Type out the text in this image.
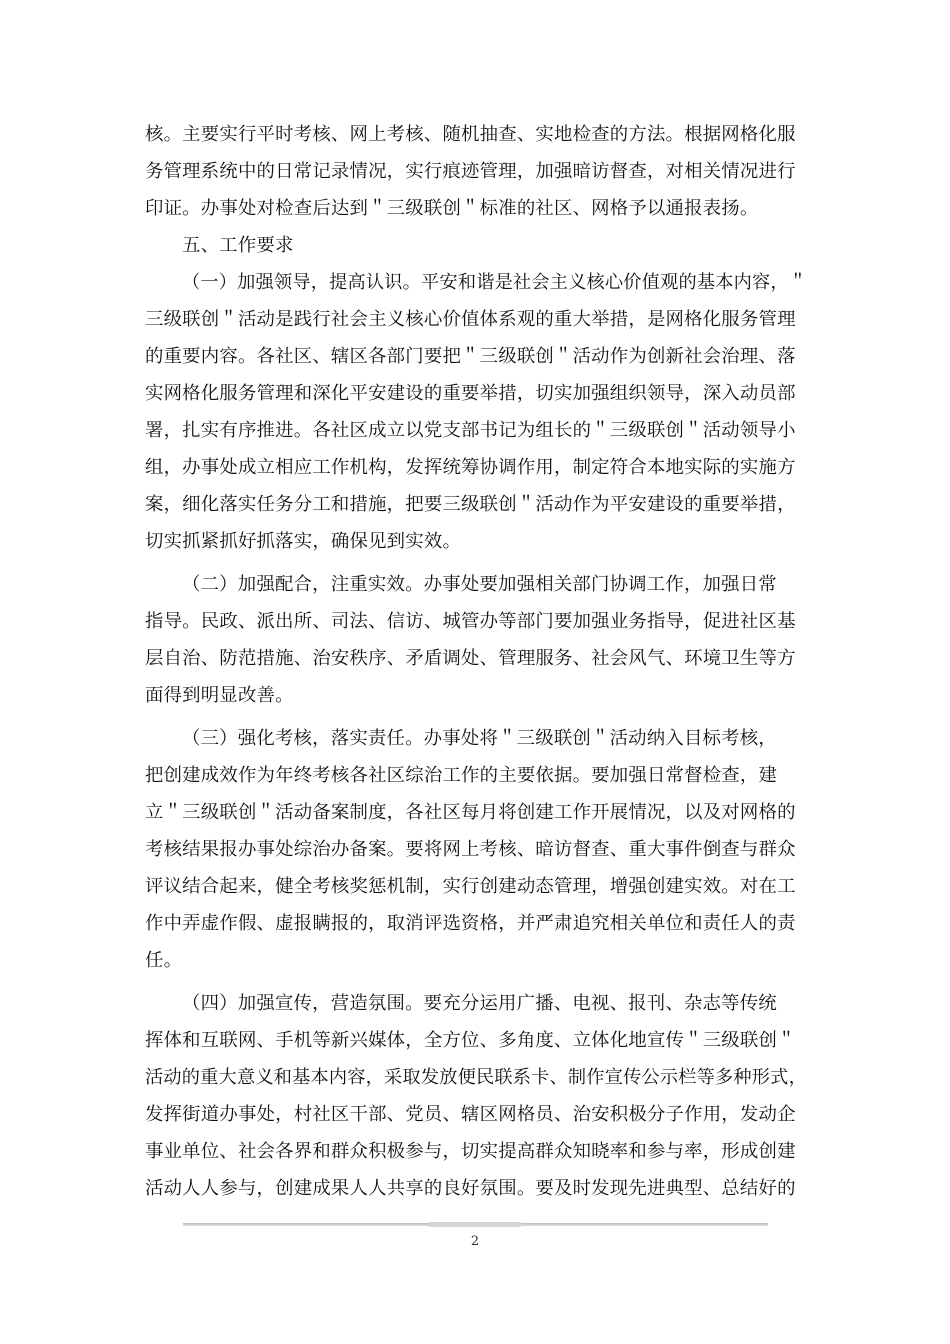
核。主要实行平时考核、网上考核、随机抽查、实地检查的方法。根据网格化服
务管理系统中的日常记录情况，实行痕迹管理，加强暗访督查，对相关情况进行
印证。办事处对检查后达到＂三级联创＂标准的社区、网格予以通报表扬。
五、工作要求
（一）加强领导，提高认识。平安和谐是社会主义核心价值观的基本内容，＂
三级联创＂活动是践行社会主义核心价值体系观的重大举措，是网格化服务管理
的重要内容。各社区、辖区各部门要把＂三级联创＂活动作为创新社会治理、落
实网格化服务管理和深化平安建设的重要举措，切实加强组织领导，深入动员部
署，扎实有序推进。各社区成立以党支部书记为组长的＂三级联创＂活动领导小
组，办事处成立相应工作机构，发挥统筹协调作用，制定符合本地实际的实施方
案，细化落实任务分工和措施，把要三级联创＂活动作为平安建设的重要举措，
切实抓紧抓好抓落实，确保见到实效。
（二）加强配合，注重实效。办事处要加强相关部门协调工作，加强日常
指导。民政、派出所、司法、信访、城管办等部门要加强业务指导，促进社区基
层自治、防范措施、治安秩序、矛盾调处、管理服务、社会风气、环境卫生等方
面得到明显改善。
（三）强化考核，落实责任。办事处将＂三级联创＂活动纳入目标考核，
把创建成效作为年终考核各社区综治工作的主要依据。要加强日常督检查，建
立＂三级联创＂活动备案制度，各社区每月将创建工作开展情况，以及对网格的
考核结果报办事处综治办备案。要将网上考核、暗访督查、重大事件倒查与群众
评议结合起来，健全考核奖惩机制，实行创建动态管理，增强创建实效。对在工
作中弄虚作假、虚报瞒报的，取消评选资格，并严肃追究相关单位和责任人的责
任。
（四）加强宣传，营造氛围。要充分运用广播、电视、报刊、杂志等传统
挥体和互联网、手机等新兴媒体，全方位、多角度、立体化地宣传＂三级联创＂
活动的重大意义和基本内容，采取发放便民联系卡、制作宣传公示栏等多种形式，
发挥街道办事处，村社区干部、党员、辖区网格员、治安积极分子作用，发动企
事业单位、社会各界和群众积极参与，切实提高群众知晓率和参与率，形成创建
活动人人参与，创建成果人人共享的良好氛围。要及时发现先进典型、总结好的
2
